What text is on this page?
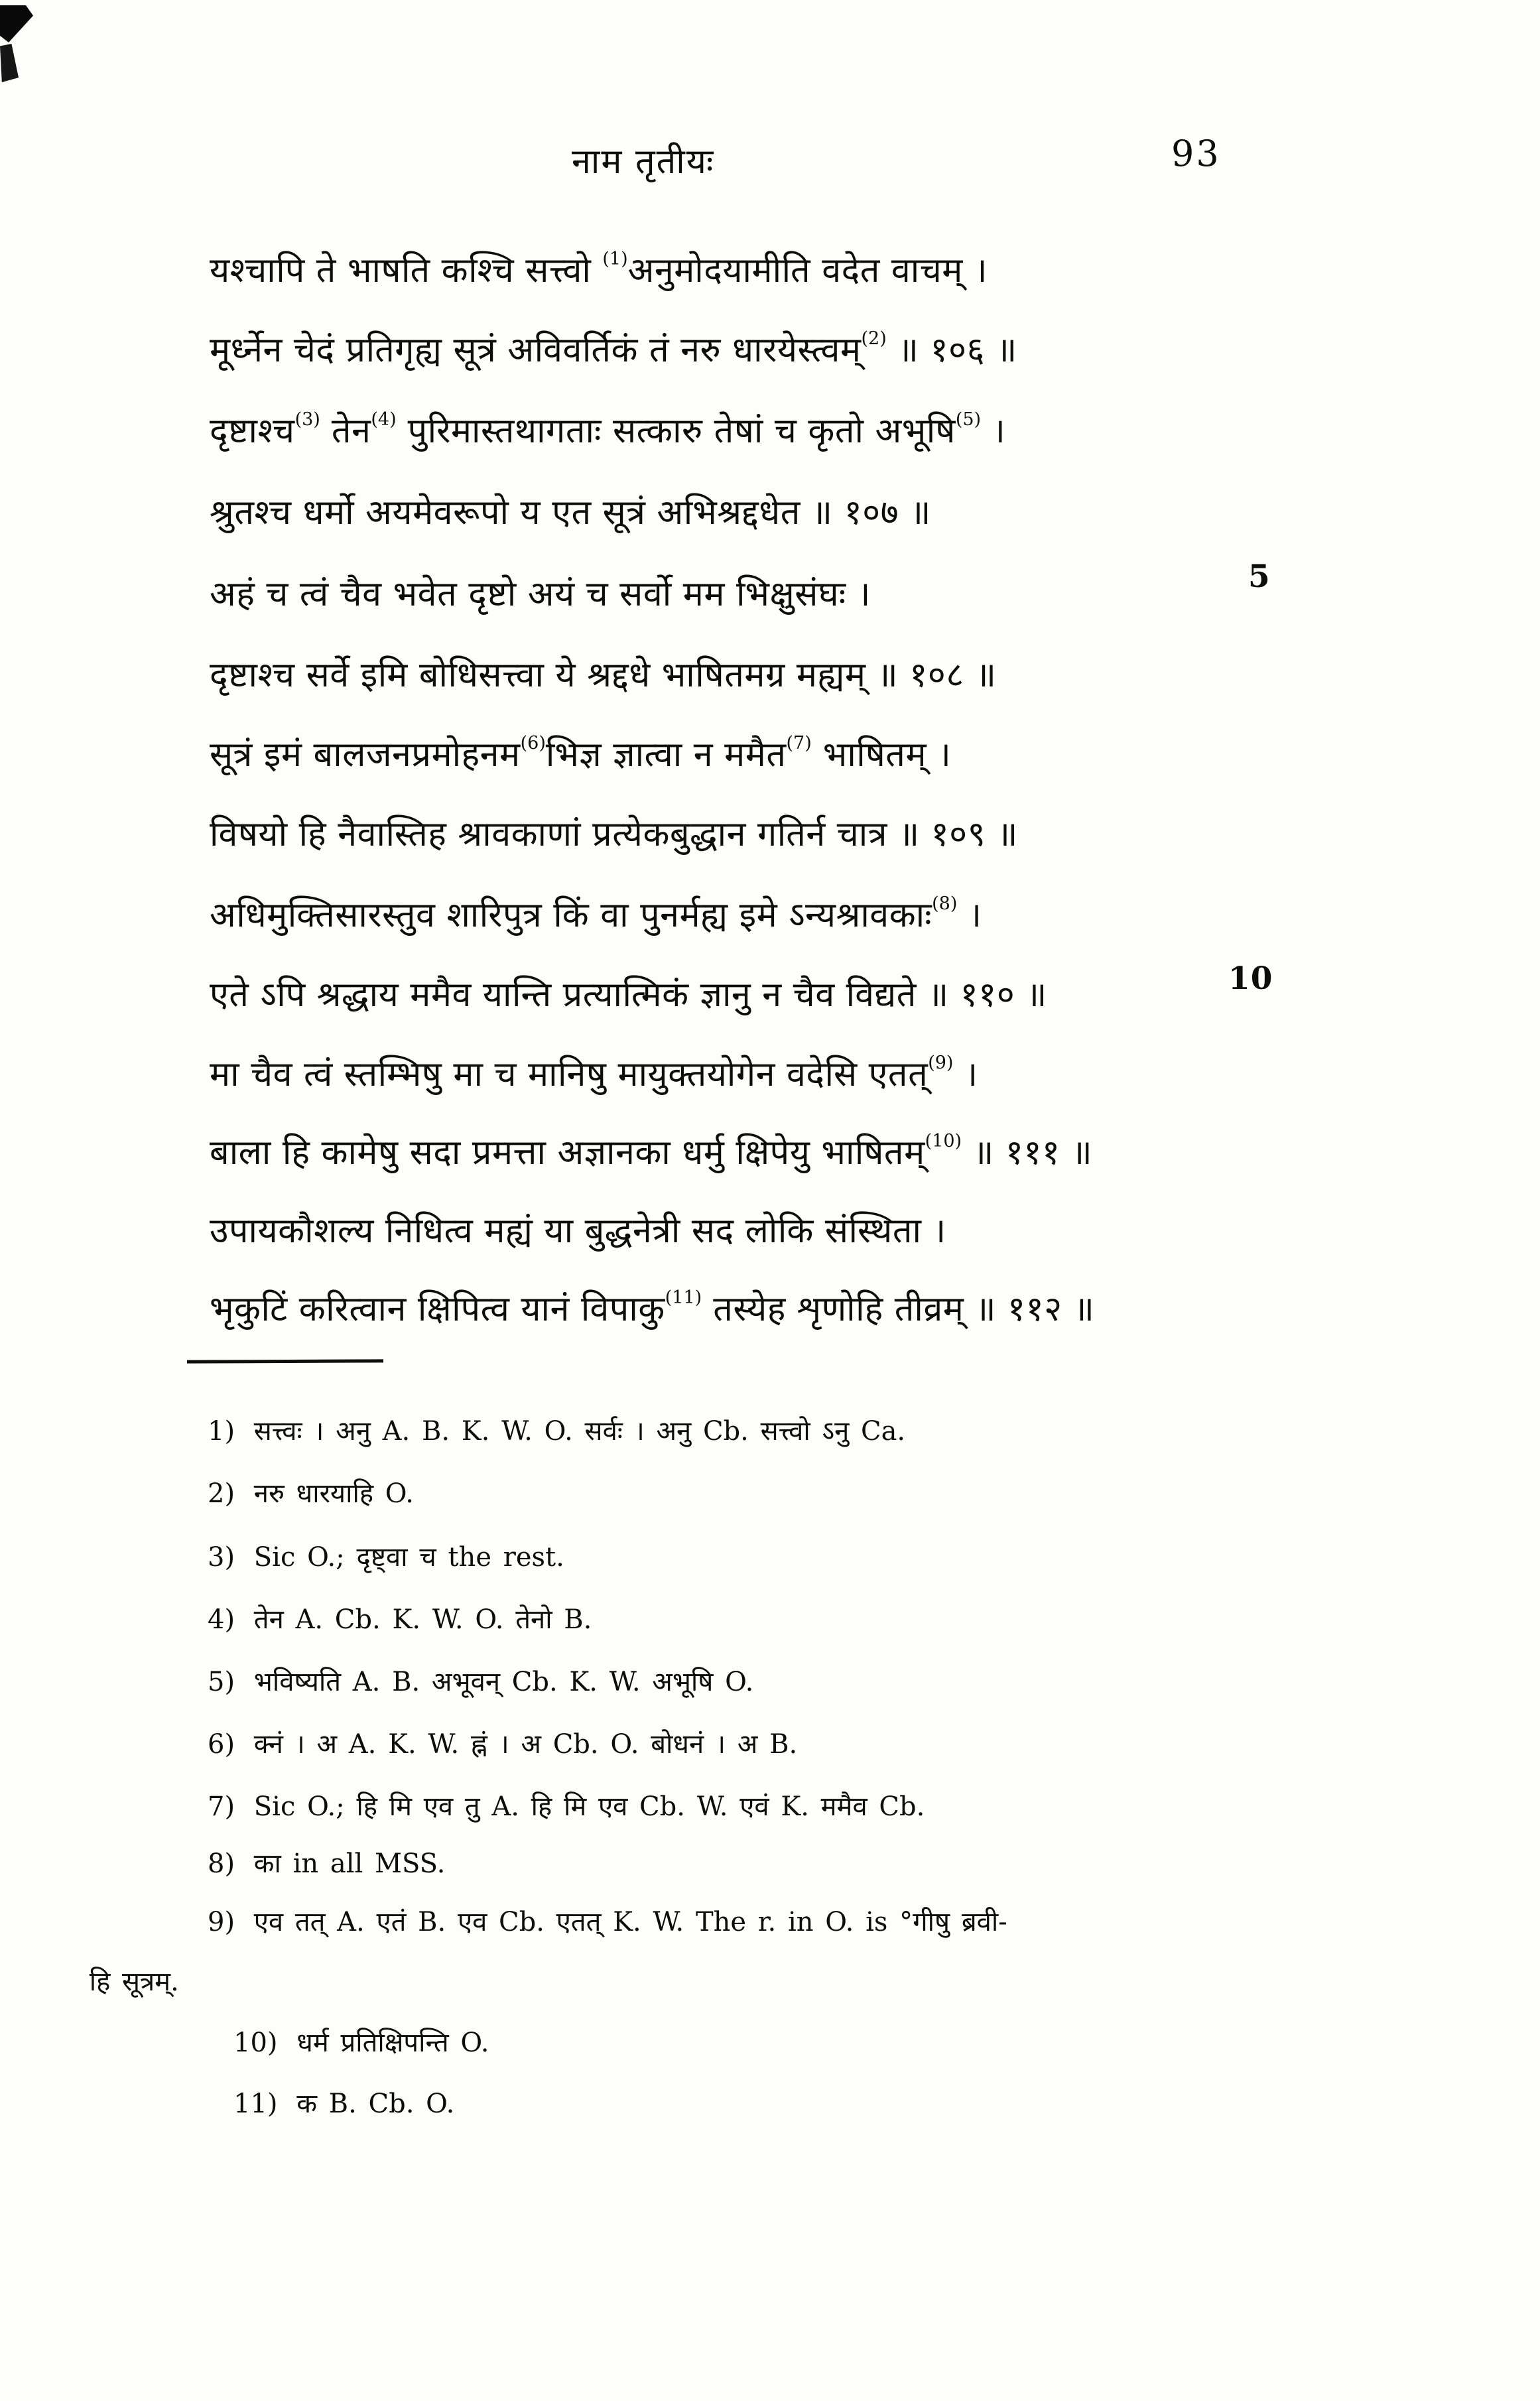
नाम तृतीयः	93
यश्चापि ते भाषति कश्चि सत्त्वो $^{(1)}$अनुमोदयामीति वदेत वाचम् ।
मूर्ध्नेन चेदं प्रतिगृह्य सूत्रं अविवर्तिकं तं नरु धारयेस्त्वम्$^{(2)}$ ॥ १०६ ॥
दृष्टाश्च$^{(3)}$ तेन$^{(4)}$ पुरिमास्तथागताः सत्कारु तेषां च कृतो अभूषि$^{(5)}$ ।
श्रुतश्च धर्मो अयमेवरूपो य एत सूत्रं अभिश्रद्दधेत ॥ १०७ ॥
अहं च त्वं चैव भवेत दृष्टो अयं च सर्वो मम भिक्षुसंघः ।
दृष्टाश्च सर्वे इमि बोधिसत्त्वा ये श्रद्दधे भाषितमग्र मह्यम् ॥ १०८ ॥
सूत्रं इमं बालजनप्रमोहनम$^{(6)}$भिज्ञ ज्ञात्वा न ममैत$^{(7)}$ भाषितम् ।
विषयो हि नैवास्तिह श्रावकाणां प्रत्येकबुद्धान गतिर्न चात्र ॥ १०९ ॥
अधिमुक्तिसारस्तुव शारिपुत्र किं वा पुनर्मह्य इमे ऽन्यश्रावकाः$^{(8)}$ ।
एते ऽपि श्रद्धाय ममैव यान्ति प्रत्यात्मिकं ज्ञानु न चैव विद्यते ॥ ११० ॥
मा चैव त्वं स्तम्भिषु मा च मानिषु मायुक्तयोगेन वदेसि एतत्$^{(9)}$ ।
बाला हि कामेषु सदा प्रमत्ता अज्ञानका धर्मु क्षिपेयु भाषितम्$^{(10)}$ ॥ १११ ॥
उपायकौशल्य निधित्व मह्यं या बुद्धनेत्री सद लोकि संस्थिता ।
भृकुटिं करित्वान क्षिपित्व यानं विपाकु$^{(11)}$ तस्येह शृणोहि तीव्रम् ॥ ११२ ॥
5
10
1) सत्त्वः । अनु A. B. K. W. O. सर्वः । अनु Cb. सत्त्वो ऽनु Ca.
2) नरु धारयाहि O.
3) Sic O.; दृष्ट्वा च the rest.
4) तेन A. Cb. K. W. O. तेनो B.
5) भविष्यति A. B. अभूवन् Cb. K. W. अभूषि O.
6) क्नं । अ A. K. W. ह्नं । अ Cb. O. बोधनं । अ B.
7) Sic O.; हि मि एव तु A. हि मि एव Cb. W. एवं K. ममैव Cb.
8) का in all MSS.
9) एव तत् A. एतं B. एव Cb. एतत् K. W. The r. in O. is °गीषु ब्रवी-
हि सूत्रम्.
10) धर्म प्रतिक्षिपन्ति O.
11) क B. Cb. O.
